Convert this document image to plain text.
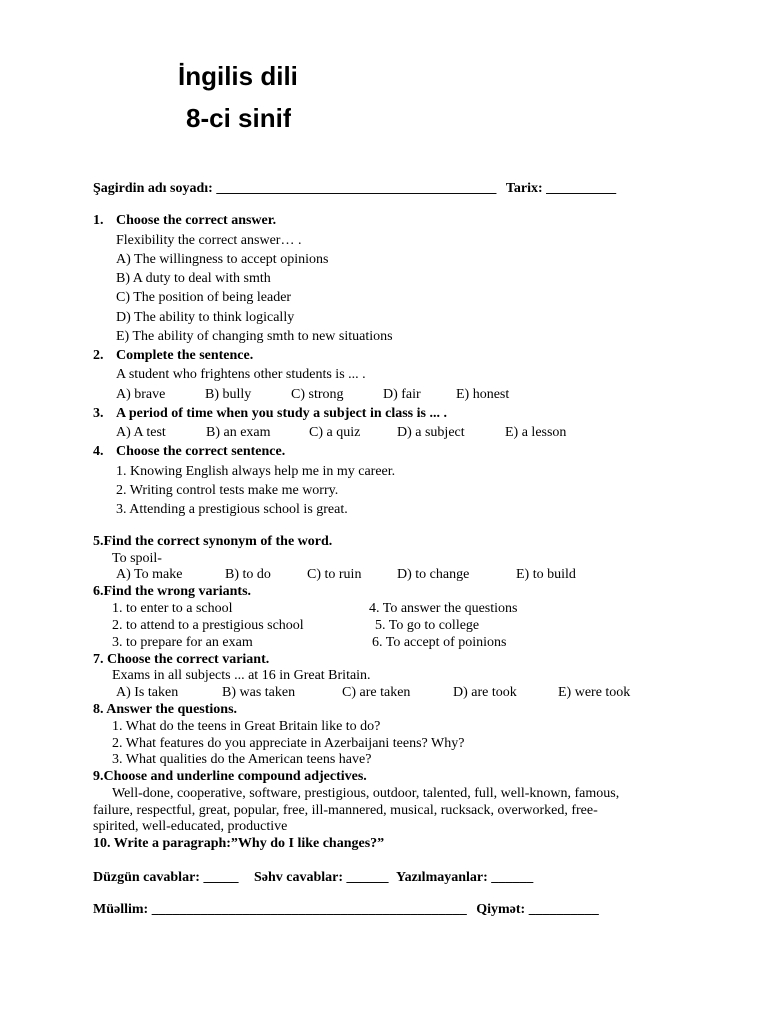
İngilis dili
8-ci sinif
Şagirdin adı soyadı: ________________________________________ Tarix: __________
1. Choose the correct answer.
Flexibility the correct answer… .
A) The willingness to accept opinions
B) A duty to deal with smth
C) The position of being leader
D) The ability to think logically
E) The ability of changing smth to new situations
2. Complete the sentence.
A student who frightens other students is ... .
A) brave	B) bully	C) strong	D) fair	E) honest
3. A period of time when you study a subject in class is ... .
A) A test	B) an exam	C) a quiz	D) a subject	E) a lesson
4. Choose the correct sentence.
1. Knowing English always help me in my career.
2. Writing control tests make me worry.
3. Attending a prestigious school is great.
5.Find the correct synonym of the word.
To spoil-
A) To make	B) to do	C) to ruin	D) to change	E) to build
6.Find the wrong variants.
1. to enter to a school
2. to attend to a prestigious school
3. to prepare for an exam
4. To answer the questions
5. To go to college
6. To accept of poinions
7. Choose the correct variant.
Exams in all subjects ... at 16 in Great Britain.
A) Is taken	B) was taken	C) are taken	D) are took	E) were took
8. Answer the questions.
1. What do the teens in Great Britain like to do?
2. What features do you appreciate in Azerbaijani teens? Why?
3. What qualities do the American teens have?
9.Choose and underline compound adjectives.
Well-done, cooperative, software, prestigious, outdoor, talented, full, well-known, famous,
failure, respectful, great, popular, free, ill-mannered, musical, rucksack, overworked, free-
spirited, well-educated, productive
10. Write a paragraph:”Why do I like changes?”
Düzgün cavablar: _____ Səhv cavablar: ______ Yazılmayanlar: ______
Müəllim: _____________________________________________ Qiymət: __________
